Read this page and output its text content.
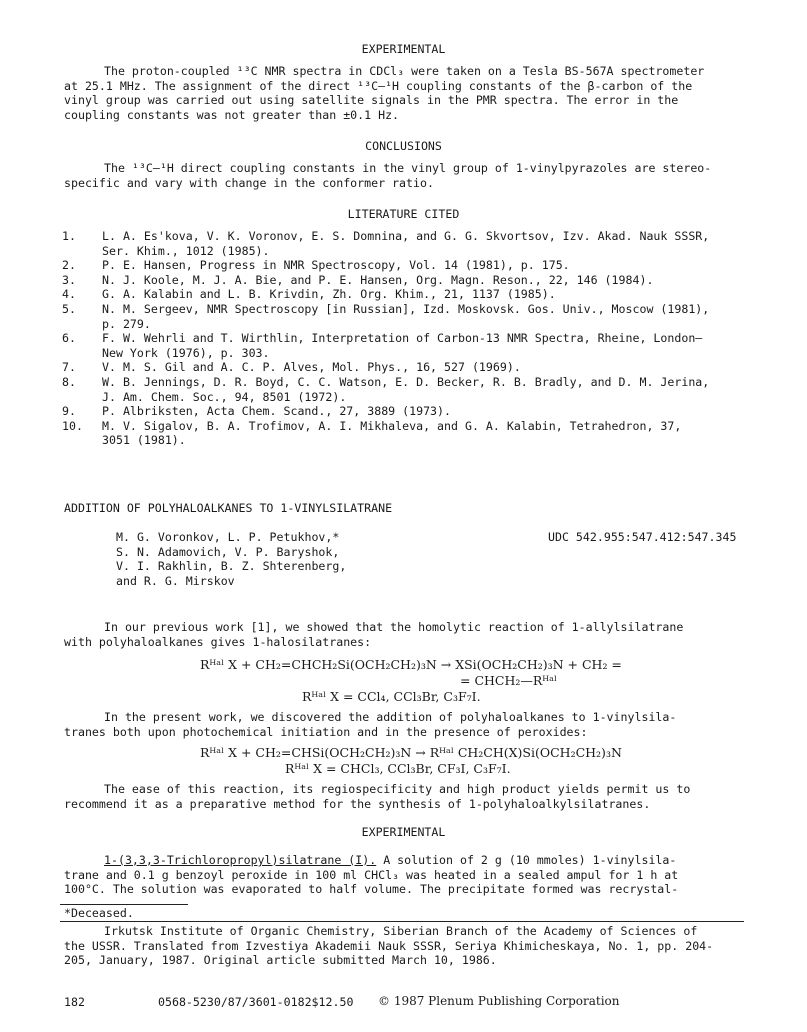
EXPERIMENTAL
The proton-coupled ¹³C NMR spectra in CDCl₃ were taken on a Tesla BS-567A spectrometer
at 25.1 MHz. The assignment of the direct ¹³C–¹H coupling constants of the β-carbon of the
vinyl group was carried out using satellite signals in the PMR spectra. The error in the
coupling constants was not greater than ±0.1 Hz.
CONCLUSIONS
The ¹³C–¹H direct coupling constants in the vinyl group of 1-vinylpyrazoles are stereo-
specific and vary with change in the conformer ratio.
LITERATURE CITED
1.	L. A. Es'kova, V. K. Voronov, E. S. Domnina, and G. G. Skvortsov, Izv. Akad. Nauk SSSR,
Ser. Khim., 1012 (1985).
2.	P. E. Hansen, Progress in NMR Spectroscopy, Vol. 14 (1981), p. 175.
3.	N. J. Koole, M. J. A. Bie, and P. E. Hansen, Org. Magn. Reson., 22, 146 (1984).
4.	G. A. Kalabin and L. B. Krivdin, Zh. Org. Khim., 21, 1137 (1985).
5.	N. M. Sergeev, NMR Spectroscopy [in Russian], Izd. Moskovsk. Gos. Univ., Moscow (1981),
p. 279.
6.	F. W. Wehrli and T. Wirthlin, Interpretation of Carbon-13 NMR Spectra, Rheine, London–
New York (1976), p. 303.
7.	V. M. S. Gil and A. C. P. Alves, Mol. Phys., 16, 527 (1969).
8.	W. B. Jennings, D. R. Boyd, C. C. Watson, E. D. Becker, R. B. Bradly, and D. M. Jerina,
J. Am. Chem. Soc., 94, 8501 (1972).
9.	P. Albriksten, Acta Chem. Scand., 27, 3889 (1973).
10.	M. V. Sigalov, B. A. Trofimov, A. I. Mikhaleva, and G. A. Kalabin, Tetrahedron, 37,
3051 (1981).
ADDITION OF POLYHALOALKANES TO 1-VINYLSILATRANE
M. G. Voronkov, L. P. Petukhov,*
S. N. Adamovich, V. P. Baryshok,
V. I. Rakhlin, B. Z. Shterenberg,
and R. G. Mirskov
UDC 542.955:547.412:547.345
In our previous work [1], we showed that the homolytic reaction of 1-allylsilatrane
with polyhaloalkanes gives 1-halosilatranes:
Rᴴᵃˡ X + CH₂=CHCH₂Si(OCH₂CH₂)₃N → XSi(OCH₂CH₂)₃N + CH₂ =
= CHCH₂—Rᴴᵃˡ
Rᴴᵃˡ X = CCl₄, CCl₃Br, C₃F₇I.
In the present work, we discovered the addition of polyhaloalkanes to 1-vinylsila-
tranes both upon photochemical initiation and in the presence of peroxides:
Rᴴᵃˡ X + CH₂=CHSi(OCH₂CH₂)₃N → Rᴴᵃˡ CH₂CH(X)Si(OCH₂CH₂)₃N
Rᴴᵃˡ X = CHCl₃, CCl₃Br, CF₃I, C₃F₇I.
The ease of this reaction, its regiospecificity and high product yields permit us to
recommend it as a preparative method for the synthesis of 1-polyhaloalkylsilatranes.
EXPERIMENTAL
1-(3,3,3-Trichloropropyl)silatrane (I). A solution of 2 g (10 mmoles) 1-vinylsila-
trane and 0.1 g benzoyl peroxide in 100 ml CHCl₃ was heated in a sealed ampul for 1 h at
100°C. The solution was evaporated to half volume. The precipitate formed was recrystal-
*Deceased.
Irkutsk Institute of Organic Chemistry, Siberian Branch of the Academy of Sciences of
the USSR. Translated from Izvestiya Akademii Nauk SSSR, Seriya Khimicheskaya, No. 1, pp. 204-
205, January, 1987. Original article submitted March 10, 1986.
182	0568-5230/87/3601-0182$12.50 © 1987 Plenum Publishing Corporation
